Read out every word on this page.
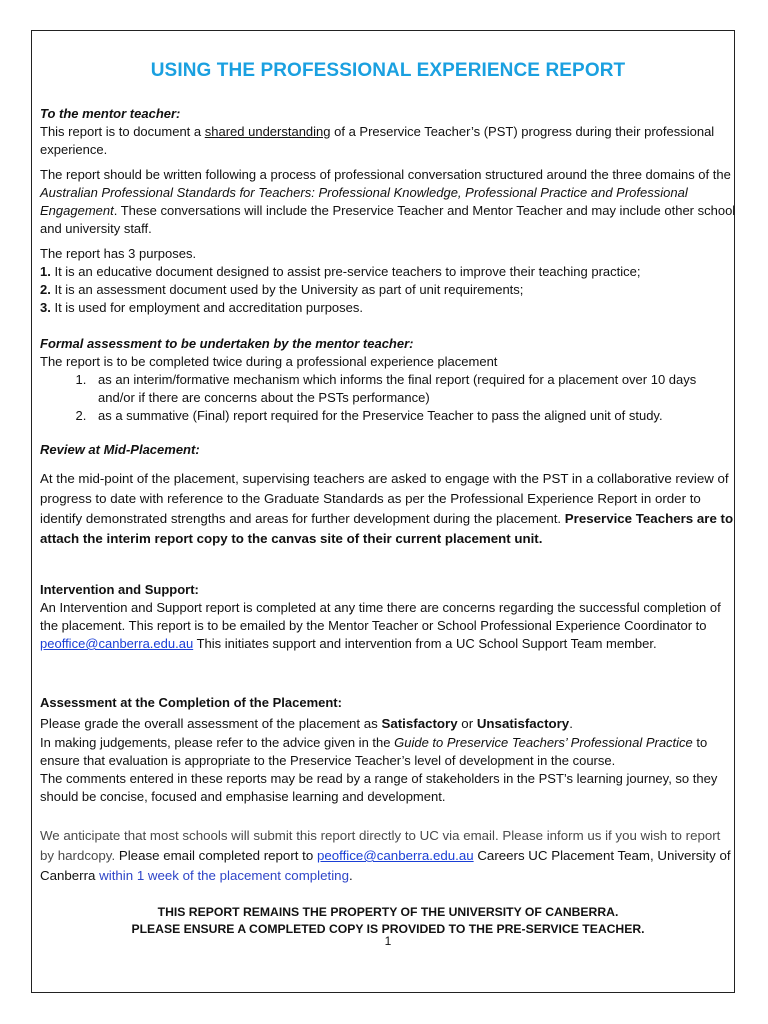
USING THE PROFESSIONAL EXPERIENCE REPORT

To the mentor teacher:

This report is to document a shared understanding of a Preservice Teacher’s (PST) progress during their professional experience.

The report should be written following a process of professional conversation structured around the three domains of the Australian Professional Standards for Teachers: Professional Knowledge, Professional Practice and Professional Engagement. These conversations will include the Preservice Teacher and Mentor Teacher and may include other school and university staff.

The report has 3 purposes.

1. It is an educative document designed to assist pre-service teachers to improve their teaching practice;

2. It is an assessment document used by the University as part of unit requirements;

3. It is used for employment and accreditation purposes.

Formal assessment to be undertaken by the mentor teacher:

The report is to be completed twice during a professional experience placement

1. as an interim/formative mechanism which informs the final report (required for a placement over 10 days and/or if there are concerns about the PSTs performance)
2. as a summative (Final) report required for the Preservice Teacher to pass the aligned unit of study.

Review at Mid-Placement:

At the mid-point of the placement, supervising teachers are asked to engage with the PST in a collaborative review of progress to date with reference to the Graduate Standards as per the Professional Experience Report in order to identify demonstrated strengths and areas for further development during the placement. Preservice Teachers are to attach the interim report copy to the canvas site of their current placement unit.

Intervention and Support:

An Intervention and Support report is completed at any time there are concerns regarding the successful completion of the placement. This report is to be emailed by the Mentor Teacher or School Professional Experience Coordinator to peoffice@canberra.edu.au This initiates support and intervention from a UC School Support Team member.

Assessment at the Completion of the Placement:

Please grade the overall assessment of the placement as Satisfactory or Unsatisfactory.

In making judgements, please refer to the advice given in the Guide to Preservice Teachers’ Professional Practice to ensure that evaluation is appropriate to the Preservice Teacher’s level of development in the course.

The comments entered in these reports may be read by a range of stakeholders in the PST’s learning journey, so they should be concise, focused and emphasise learning and development.

We anticipate that most schools will submit this report directly to UC via email. Please inform us if you wish to report by hardcopy. Please email completed report to peoffice@canberra.edu.au Careers UC Placement Team, University of Canberra within 1 week of the placement completing.

THIS REPORT REMAINS THE PROPERTY OF THE UNIVERSITY OF CANBERRA.

PLEASE ENSURE A COMPLETED COPY IS PROVIDED TO THE PRE-SERVICE TEACHER.

1
